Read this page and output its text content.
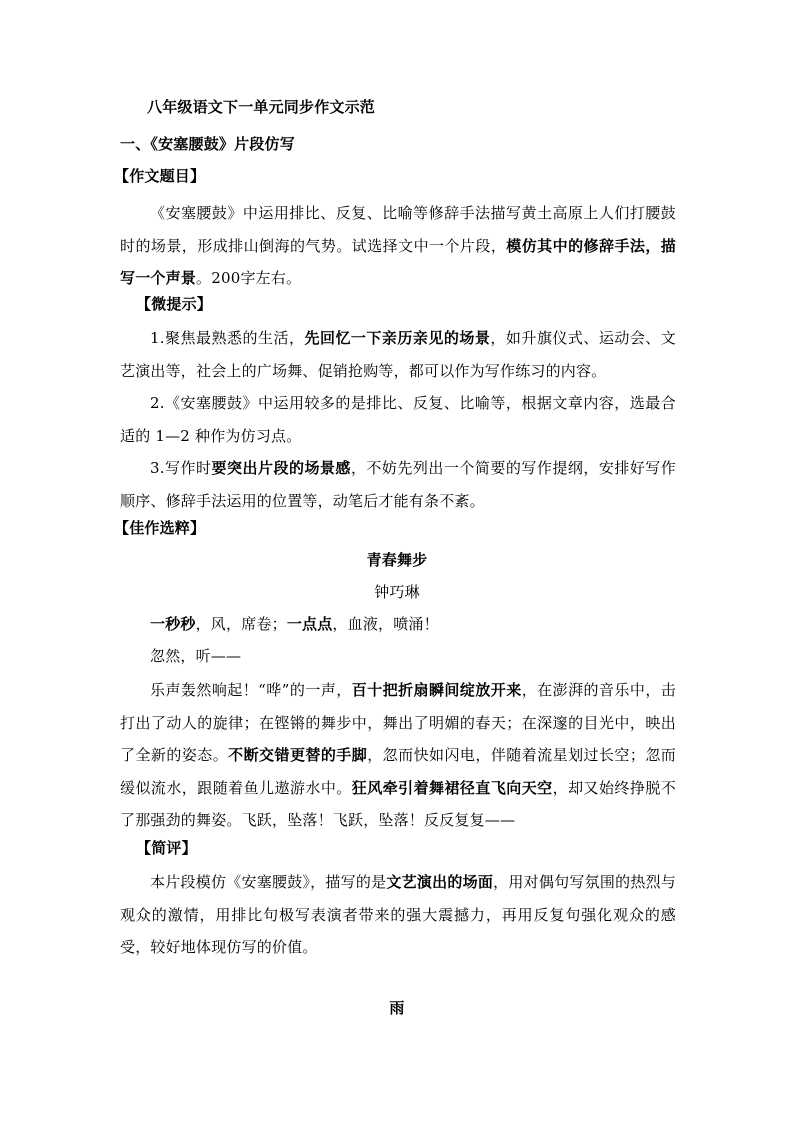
八年级语文下一单元同步作文示范
一、《安塞腰鼓》片段仿写
【作文题目】
《安塞腰鼓》中运用排比、反复、比喻等修辞手法描写黄土高原上人们打腰鼓时的场景，形成排山倒海的气势。试选择文中一个片段，模仿其中的修辞手法，描写一个声景。200字左右。
【微提示】
1.聚焦最熟悉的生活，先回忆一下亲历亲见的场景，如升旗仪式、运动会、文艺演出等，社会上的广场舞、促销抢购等，都可以作为写作练习的内容。
2.《安塞腰鼓》中运用较多的是排比、反复、比喻等，根据文章内容，选最合适的 1—2 种作为仿习点。
3.写作时要突出片段的场景感，不妨先列出一个简要的写作提纲，安排好写作顺序、修辞手法运用的位置等，动笔后才能有条不紊。
【佳作选粹】
青春舞步
钟巧琳
一秒秒，风，席卷；一点点，血液，喷涌！
忽然，听——
乐声轰然响起！“哗”的一声，百十把折扇瞬间绽放开来，在澎湃的音乐中，击打出了动人的旋律；在铿锵的舞步中，舞出了明媚的春天；在深邃的目光中，映出了全新的姿态。不断交错更替的手脚，忽而快如闪电，伴随着流星划过长空；忽而缓似流水，跟随着鱼儿遨游水中。狂风牵引着舞裙径直飞向天空，却又始终挣脱不了那强劲的舞姿。飞跃，坠落！飞跃，坠落！反反复复——
【简评】
本片段模仿《安塞腰鼓》，描写的是文艺演出的场面，用对偶句写氛围的热烈与观众的激情，用排比句极写表演者带来的强大震撼力，再用反复句强化观众的感受，较好地体现仿写的价值。
雨
